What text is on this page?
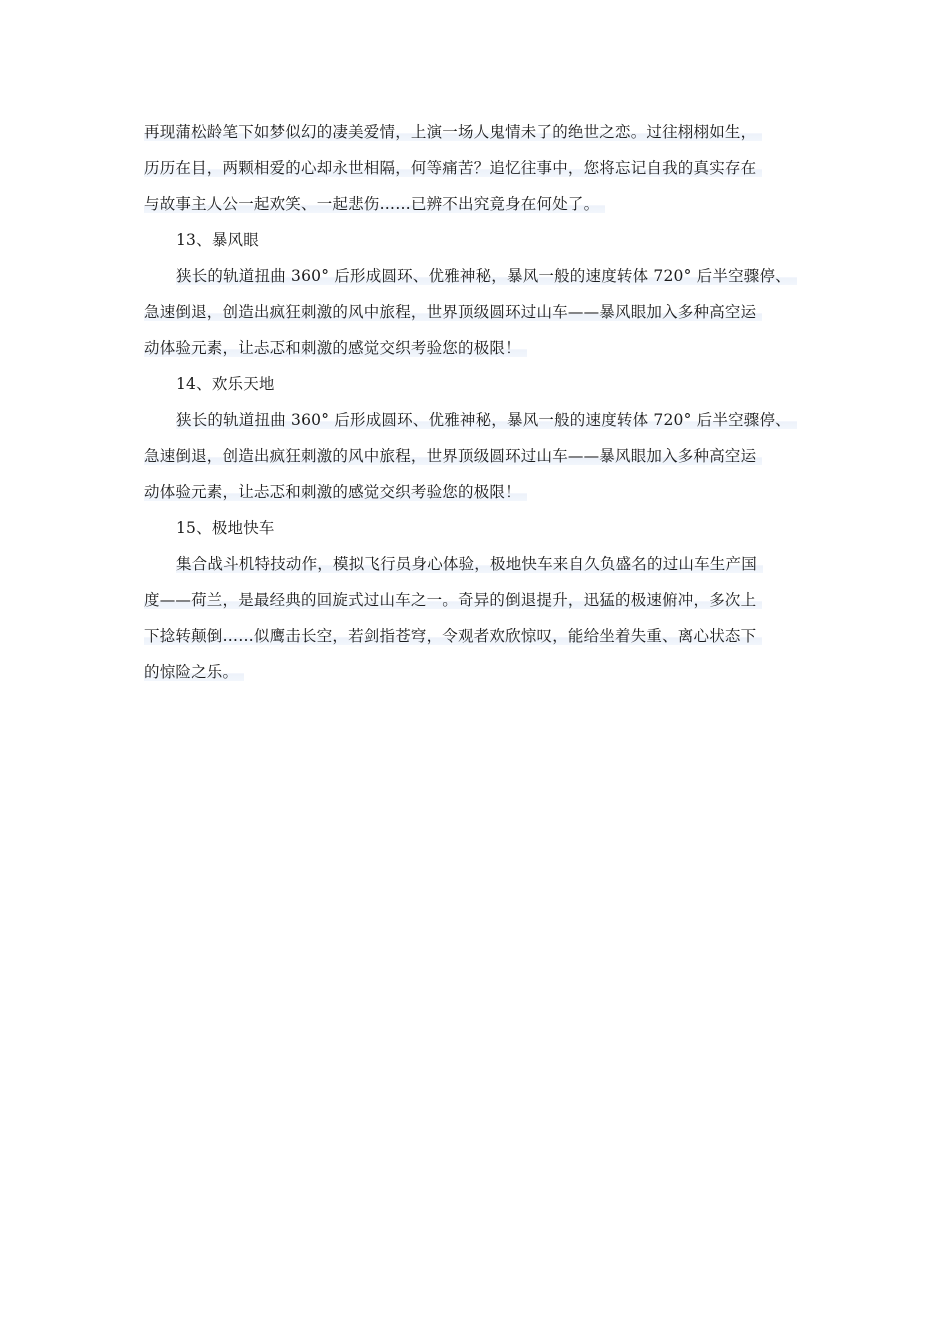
再现蒲松龄笔下如梦似幻的凄美爱情，上演一场人鬼情未了的绝世之恋。过往栩栩如生，
历历在目，两颗相爱的心却永世相隔，何等痛苦？追忆往事中，您将忘记自我的真实存在
与故事主人公一起欢笑、一起悲伤……已辨不出究竟身在何处了。
13、暴风眼
狭长的轨道扭曲 360° 后形成圆环、优雅神秘，暴风一般的速度转体 720° 后半空骤停、
急速倒退，创造出疯狂刺激的风中旅程，世界顶级圆环过山车——暴风眼加入多种高空运
动体验元素，让忐忑和刺激的感觉交织考验您的极限！
14、欢乐天地
狭长的轨道扭曲 360° 后形成圆环、优雅神秘，暴风一般的速度转体 720° 后半空骤停、
急速倒退，创造出疯狂刺激的风中旅程，世界顶级圆环过山车——暴风眼加入多种高空运
动体验元素，让忐忑和刺激的感觉交织考验您的极限！
15、极地快车
集合战斗机特技动作，模拟飞行员身心体验，极地快车来自久负盛名的过山车生产国
度——荷兰，是最经典的回旋式过山车之一。奇异的倒退提升，迅猛的极速俯冲，多次上
下捻转颠倒……似鹰击长空，若剑指苍穹，令观者欢欣惊叹，能给坐着失重、离心状态下
的惊险之乐。
